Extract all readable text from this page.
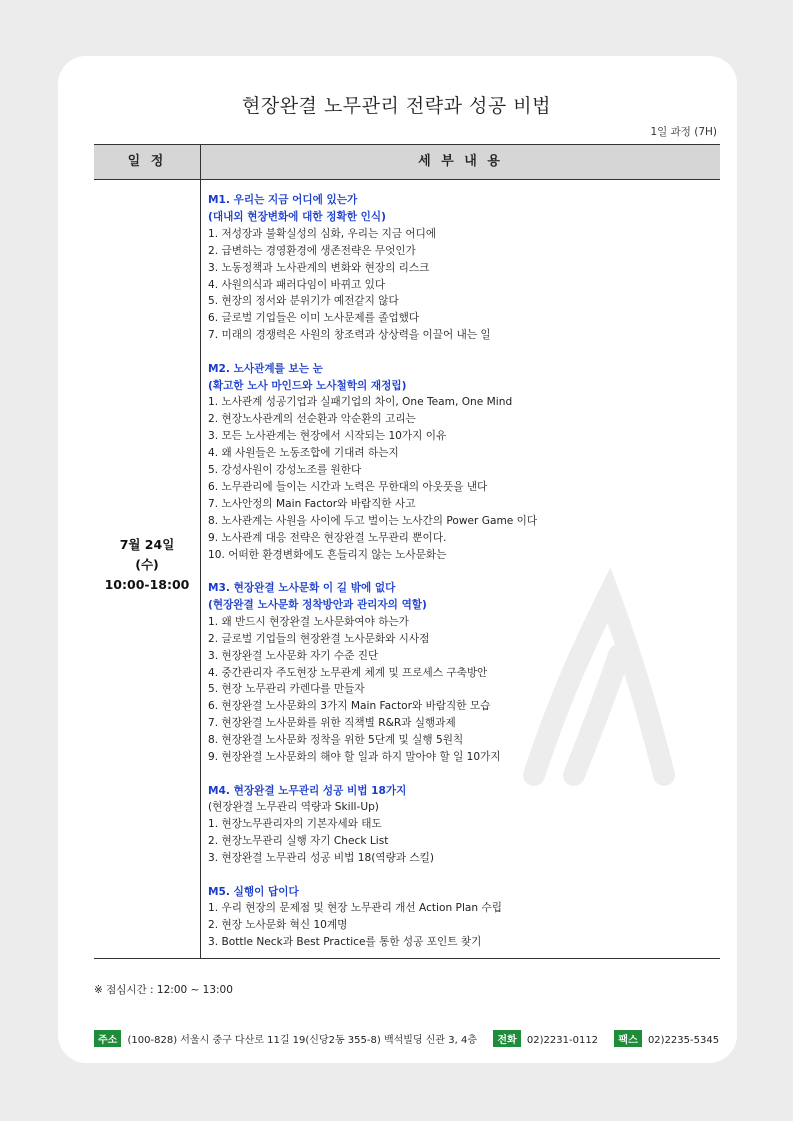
현장완결 노무관리 전략과 성공 비법
1일 과정 (7H)
일 정	세 부 내 용
7월 24일
(수)
10:00-18:00
M1. 우리는 지금 어디에 있는가
(대내외 현장변화에 대한 정확한 인식)
1. 저성장과 불확실성의 심화, 우리는 지금 어디에
2. 급변하는 경영환경에 생존전략은 무엇인가
3. 노동정책과 노사관계의 변화와 현장의 리스크
4. 사원의식과 패러다임이 바뀌고 있다
5. 현장의 정서와 분위기가 예전같지 않다
6. 글로벌 기업들은 이미 노사문제를 졸업했다
7. 미래의 경쟁력은 사원의 창조력과 상상력을 이끌어 내는 일
M2. 노사관계를 보는 눈
(확고한 노사 마인드와 노사철학의 재정립)
1. 노사관계 성공기업과 실패기업의 차이, One Team, One Mind
2. 현장노사관계의 선순환과 악순환의 고리는
3. 모든 노사관계는 현장에서 시작되는 10가지 이유
4. 왜 사원들은 노동조합에 기대려 하는지
5. 강성사원이 강성노조를 원한다
6. 노무관리에 들이는 시간과 노력은 무한대의 아웃풋을 낸다
7. 노사안정의 Main Factor와 바람직한 사고
8. 노사관계는 사원을 사이에 두고 벌이는 노사간의 Power Game 이다
9. 노사관계 대응 전략은 현장완결 노무관리 뿐이다.
10. 어떠한 환경변화에도 흔들리지 않는 노사문화는
M3. 현장완결 노사문화 이 길 밖에 없다
(현장완결 노사문화 정착방안과 관리자의 역할)
1. 왜 반드시 현장완결 노사문화여야 하는가
2. 글로벌 기업들의 현장완결 노사문화와 시사점
3. 현장완결 노사문화 자기 수준 진단
4. 중간관리자 주도현장 노무관계 체계 및 프로세스 구축방안
5. 현장 노무관리 카렌다를 만들자
6. 현장완결 노사문화의 3가지 Main Factor와 바람직한 모습
7. 현장완결 노사문화를 위한 직책별 R&R과 실행과제
8. 현장완결 노사문화 정착을 위한 5단계 및 실행 5원칙
9. 현장완결 노사문화의 해야 할 일과 하지 말아야 할 일 10가지
M4. 현장완결 노무관리 성공 비법 18가지
(현장완결 노무관리 역량과 Skill-Up)
1. 현장노무관리자의 기본자세와 태도
2. 현장노무관리 실행 자기 Check List
3. 현장완결 노무관리 성공 비법 18(역량과 스킬)
M5. 실행이 답이다
1. 우리 현장의 문제점 및 현장 노무관리 개선 Action Plan 수립
2. 현장 노사문화 혁신 10계명
3. Bottle Neck과 Best Practice를 통한 성공 포인트 찾기
※ 점심시간 : 12:00 ~ 13:00
주소 (100-828) 서울시 중구 다산로 11길 19(신당2동 355-8) 백석빌딩 신관 3, 4층 전화 02)2231-0112 팩스 02)2235-5345
